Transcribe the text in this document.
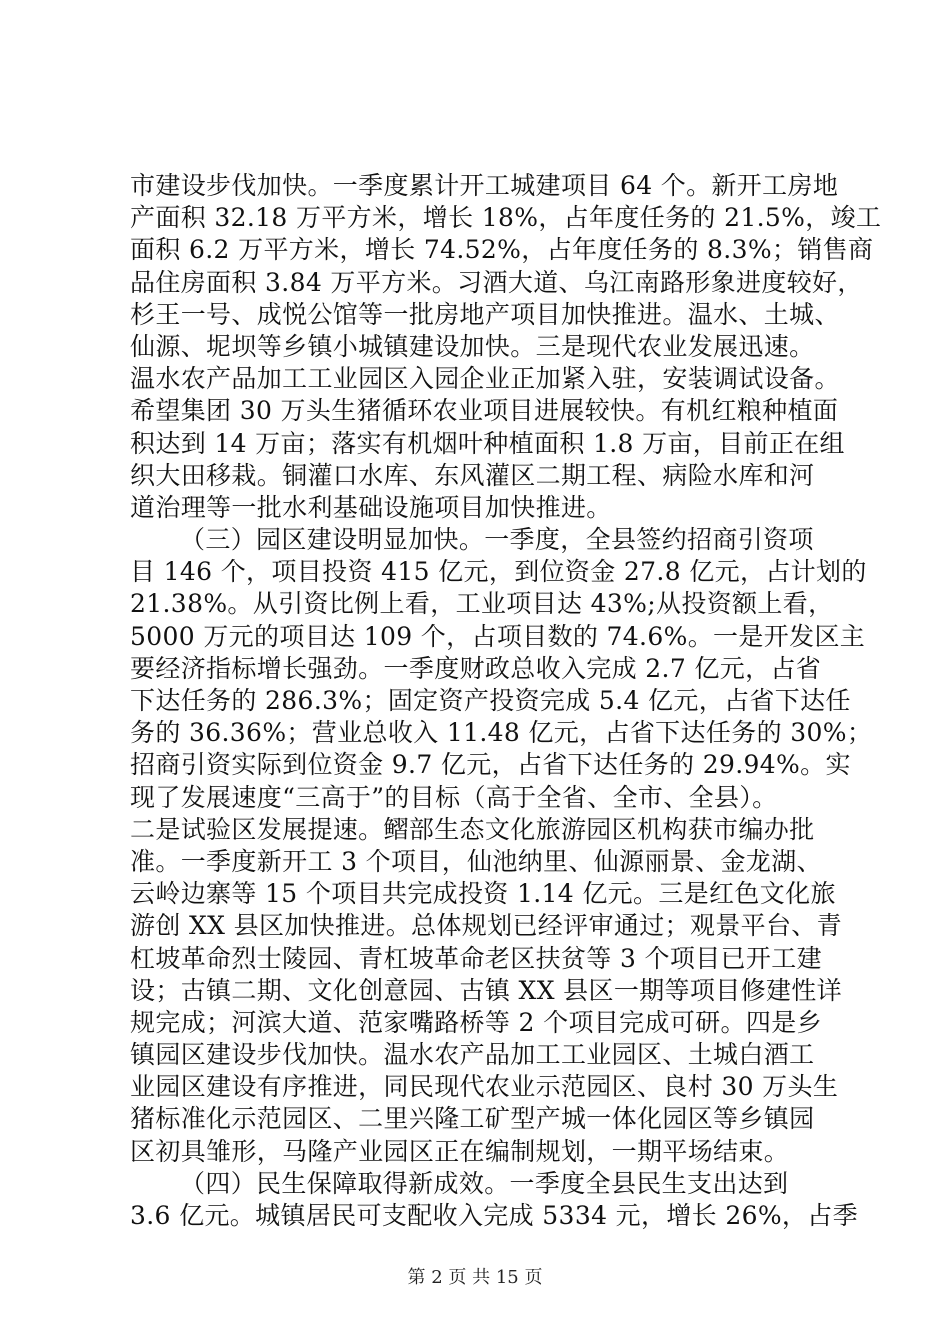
市建设步伐加快。一季度累计开工城建项目 64 个。新开工房地
产面积 32.18 万平方米，增长 18%，占年度任务的 21.5%，竣工
面积 6.2 万平方米，增长 74.52%，占年度任务的 8.3%；销售商
品住房面积 3.84 万平方米。习酒大道、乌江南路形象进度较好，
杉王一号、成悦公馆等一批房地产项目加快推进。温水、土城、
仙源、坭坝等乡镇小城镇建设加快。三是现代农业发展迅速。
温水农产品加工工业园区入园企业正加紧入驻，安装调试设备。
希望集团 30 万头生猪循环农业项目进展较快。有机红粮种植面
积达到 14 万亩；落实有机烟叶种植面积 1.8 万亩，目前正在组
织大田移栽。铜灌口水库、东风灌区二期工程、病险水库和河
道治理等一批水利基础设施项目加快推进。
（三）园区建设明显加快。一季度，全县签约招商引资项
目 146 个，项目投资 415 亿元，到位资金 27.8 亿元，占计划的
21.38%。从引资比例上看，工业项目达 43%;从投资额上看，
5000 万元的项目达 109 个，占项目数的 74.6%。一是开发区主
要经济指标增长强劲。一季度财政总收入完成 2.7 亿元，占省
下达任务的 286.3%；固定资产投资完成 5.4 亿元，占省下达任
务的 36.36%；营业总收入 11.48 亿元，占省下达任务的 30%；
招商引资实际到位资金 9.7 亿元，占省下达任务的 29.94%。实
现了发展速度“三高于”的目标（高于全省、全市、全县）。
二是试验区发展提速。鳛部生态文化旅游园区机构获市编办批
准。一季度新开工 3 个项目，仙池纳里、仙源丽景、金龙湖、
云岭边寨等 15 个项目共完成投资 1.14 亿元。三是红色文化旅
游创 XX 县区加快推进。总体规划已经评审通过；观景平台、青
杠坡革命烈士陵园、青杠坡革命老区扶贫等 3 个项目已开工建
设；古镇二期、文化创意园、古镇 XX 县区一期等项目修建性详
规完成；河滨大道、范家嘴路桥等 2 个项目完成可研。四是乡
镇园区建设步伐加快。温水农产品加工工业园区、土城白酒工
业园区建设有序推进，同民现代农业示范园区、良村 30 万头生
猪标准化示范园区、二里兴隆工矿型产城一体化园区等乡镇园
区初具雏形，马隆产业园区正在编制规划，一期平场结束。
（四）民生保障取得新成效。一季度全县民生支出达到
3.6 亿元。城镇居民可支配收入完成 5334 元，增长 26%，占季
第 2 页 共 15 页
